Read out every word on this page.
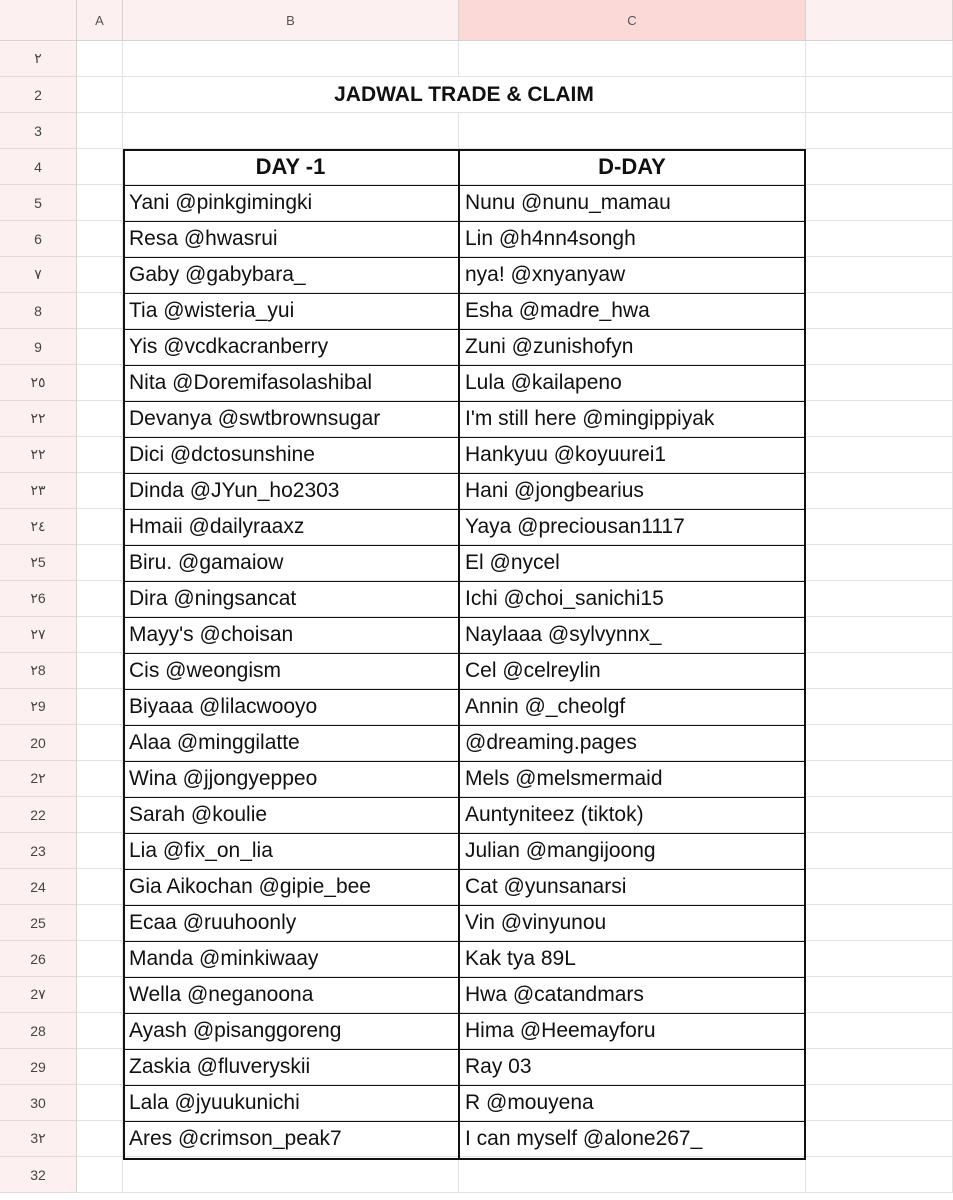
A	B	C
٢
2	JADWAL TRADE & CLAIM
3
4	DAY -1	D-DAY
5	Yani @pinkgimingki	Nunu @nunu_mamau
6	Resa @hwasrui	Lin @h4nn4songh
٧	Gaby @gabybara_	nya! @xnyanyaw
8	Tia @wisteria_yui	Esha @madre_hwa
9	Yis @vcdkacranberry	Zuni @zunishofyn
٢٥	Nita @Doremifasolashibal	Lula @kailapeno
٢٢	Devanya @swtbrownsugar	I'm still here @mingippiyak
٢٢	Dici @dctosunshine	Hankyuu @koyuurei1
٢٣	Dinda @JYun_ho2303	Hani @jongbearius
٢٤	Hmaii @dailyraaxz	Yaya @preciousan1117
٢5	Biru. @gamaiow	El @nycel
٢6	Dira @ningsancat	Ichi @choi_sanichi15
٢٧	Mayy's @choisan	Naylaaa @sylvynnx_
٢8	Cis @weongism	Cel @celreylin
٢9	Biyaaa @lilacwooyo	Annin @_cheolgf
20	Alaa @minggilatte	@dreaming.pages
2٢	Wina @jjongyeppeo	Mels @melsmermaid
22	Sarah @koulie	Auntyniteez (tiktok)
23	Lia @fix_on_lia	Julian @mangijoong
24	Gia Aikochan @gipie_bee	Cat @yunsanarsi
25	Ecaa @ruuhoonly	Vin @vinyunou
26	Manda @minkiwaay	Kak tya 89L
2٧	Wella @neganoona	Hwa @catandmars
28	Ayash @pisanggoreng	Hima @Heemayforu
29	Zaskia @fluveryskii	Ray 03
30	Lala @jyuukunichi	R @mouyena
3٢	Ares @crimson_peak7	I can myself @alone267_
32
